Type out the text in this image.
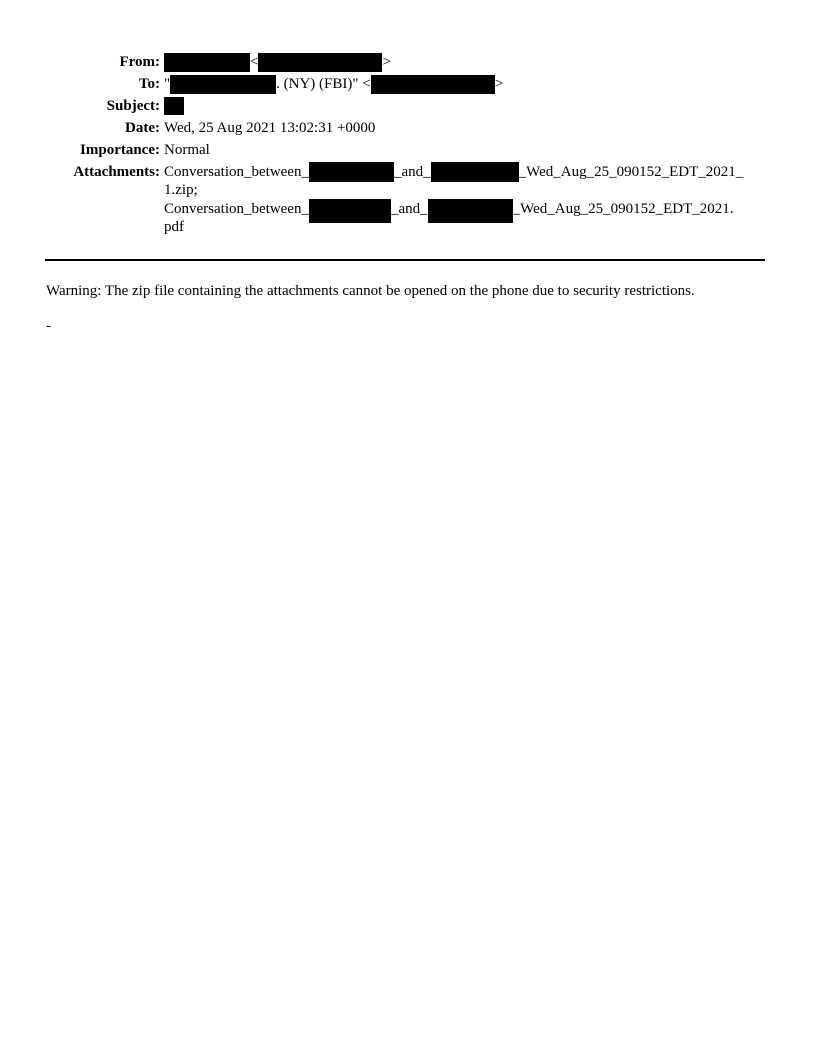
From:	<	>
To: "	. (NY) (FBI)" <	>
Subject:
Date: Wed, 25 Aug 2021 13:02:31 +0000
Importance: Normal
Attachments: Conversation_between_	_and_	_Wed_Aug_25_090152_EDT_2021_
1.zip;
Conversation_between_	_and_	_Wed_Aug_25_090152_EDT_2021.
pdf
Warning: The zip file containing the attachments cannot be opened on the phone due to security restrictions.
-
